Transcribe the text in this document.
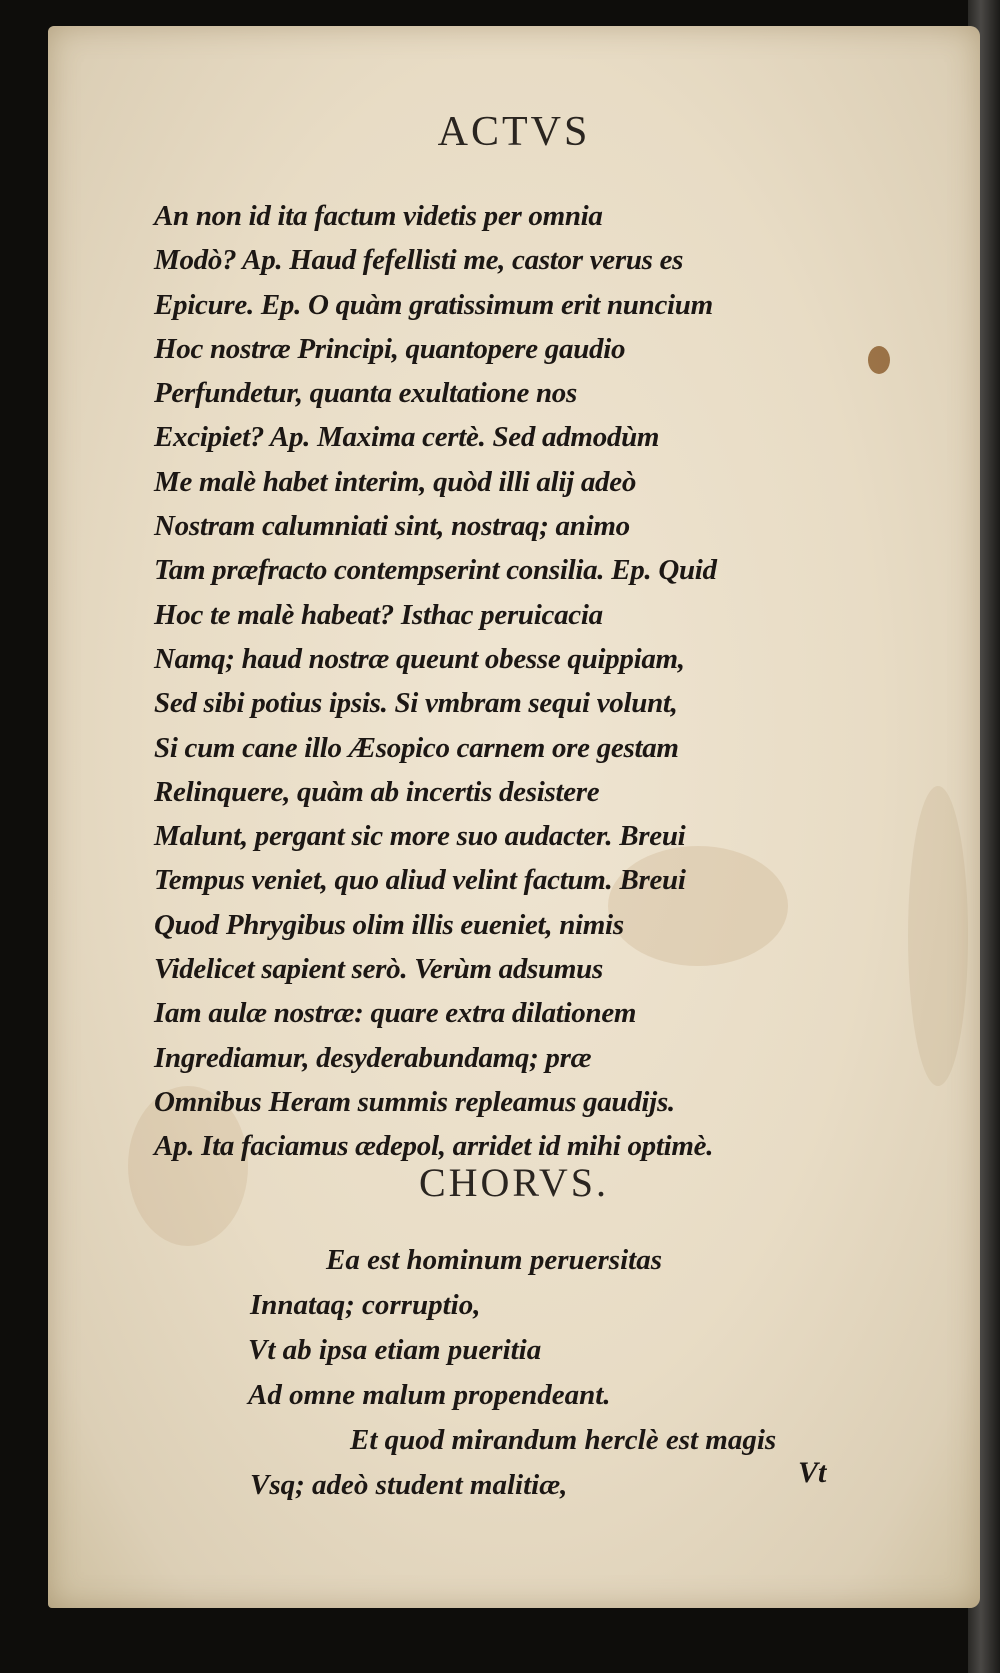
ACTVS
An non id ita factum videtis per omnia
Modò? Ap. Haud fefellisti me, castor verus es
Epicure. Ep. O quàm gratissimum erit nuncium
Hoc nostræ Principi, quantopere gaudio
Perfundetur, quanta exultatione nos
Excipiet? Ap. Maxima certè. Sed admodùm
Me malè habet interim, quòd illi alij adeò
Nostram calumniati sint, nostraq; animo
Tam præfracto contempserint consilia. Ep. Quid
Hoc te malè habeat? Isthac peruicacia
Namq; haud nostræ queunt obesse quippiam,
Sed sibi potius ipsis. Si vmbram sequi volunt,
Si cum cane illo Æsopico carnem ore gestam
Relinquere, quàm ab incertis desistere
Malunt, pergant sic more suo audacter. Breui
Tempus veniet, quo aliud velint factum. Breui
Quod Phrygibus olim illis eueniet, nimis
Videlicet sapient serò. Verùm adsumus
Iam aulæ nostræ: quare extra dilationem
Ingrediamur, desyderabundamq; præ
Omnibus Heram summis repleamus gaudijs.
Ap. Ita faciamus ædepol, arridet id mihi optimè.
CHORVS.
Ea est hominum peruersitas
Innataq; corruptio,
Vt ab ipsa etiam pueritia
Ad omne malum propendeant.
Et quod mirandum herclè est magis
Vsq; adeò student malitiæ,	Vt
